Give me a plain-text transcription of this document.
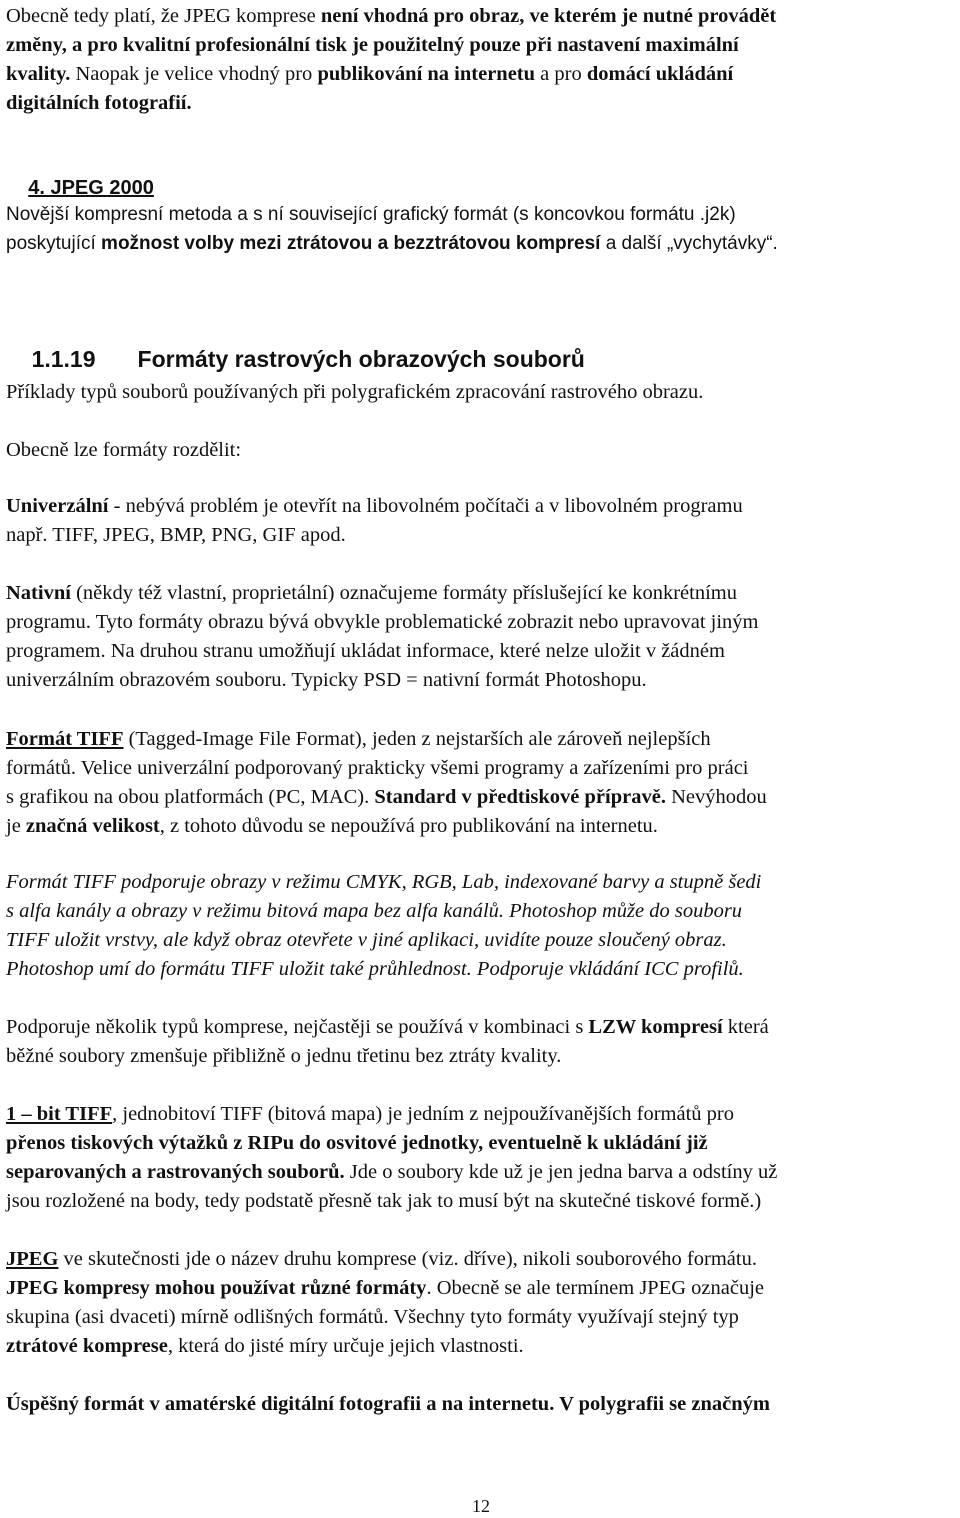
Obecně tedy platí, že JPEG komprese není vhodná pro obraz, ve kterém je nutné provádět
změny, a pro kvalitní profesionální tisk je použitelný pouze při nastavení maximální
kvality. Naopak je velice vhodný pro publikování na internetu a pro domácí ukládání
digitálních fotografií.

4. JPEG 2000

Novější kompresní metoda a s ní související grafický formát (s koncovkou formátu .j2k)
poskytující možnost volby mezi ztrátovou a bezztrátovou kompresí a další „vychytávky“.

1.1.19 Formáty rastrových obrazových souborů

Příklady typů souborů používaných při polygrafickém zpracování rastrového obrazu.
Obecně lze formáty rozdělit:
Univerzální - nebývá problém je otevřít na libovolném počítači a v libovolném programu
např. TIFF, JPEG, BMP, PNG, GIF apod.
Nativní (někdy též vlastní, proprietální) označujeme formáty příslušející ke konkrétnímu
programu. Tyto formáty obrazu bývá obvykle problematické zobrazit nebo upravovat jiným
programem. Na druhou stranu umožňují ukládat informace, které nelze uložit v žádném
univerzálním obrazovém souboru. Typicky PSD = nativní formát Photoshopu.
Formát TIFF (Tagged-Image File Format), jeden z nejstarších ale zároveň nejlepších
formátů. Velice univerzální podporovaný prakticky všemi programy a zařízeními pro práci
s grafikou na obou platformách (PC, MAC). Standard v předtiskové přípravě. Nevýhodou
je značná velikost, z tohoto důvodu se nepoužívá pro publikování na internetu.
Formát TIFF podporuje obrazy v režimu CMYK, RGB, Lab, indexované barvy a stupně šedi
s alfa kanály a obrazy v režimu bitová mapa bez alfa kanálů. Photoshop může do souboru
TIFF uložit vrstvy, ale když obraz otevřete v jiné aplikaci, uvidíte pouze sloučený obraz.
Photoshop umí do formátu TIFF uložit také průhlednost. Podporuje vkládání ICC profilů.
Podporuje několik typů komprese, nejčastěji se používá v kombinaci s LZW kompresí která
běžné soubory zmenšuje přibližně o jednu třetinu bez ztráty kvality.
1 – bit TIFF, jednobitoví TIFF (bitová mapa) je jedním z nejpoužívanějších formátů pro
přenos tiskových výtažků z RIPu do osvitové jednotky, eventuelně k ukládání již
separovaných a rastrovaných souborů. Jde o soubory kde už je jen jedna barva a odstíny už
jsou rozložené na body, tedy podstatě přesně tak jak to musí být na skutečné tiskové formě.)
JPEG ve skutečnosti jde o název druhu komprese (viz. dříve), nikoli souborového formátu.
JPEG kompresy mohou používat různé formáty. Obecně se ale termínem JPEG označuje
skupina (asi dvaceti) mírně odlišných formátů. Všechny tyto formáty využívají stejný typ
ztrátové komprese, která do jisté míry určuje jejich vlastnosti.
Úspěšný formát v amatérské digitální fotografii a na internetu. V polygrafii se značným
12
